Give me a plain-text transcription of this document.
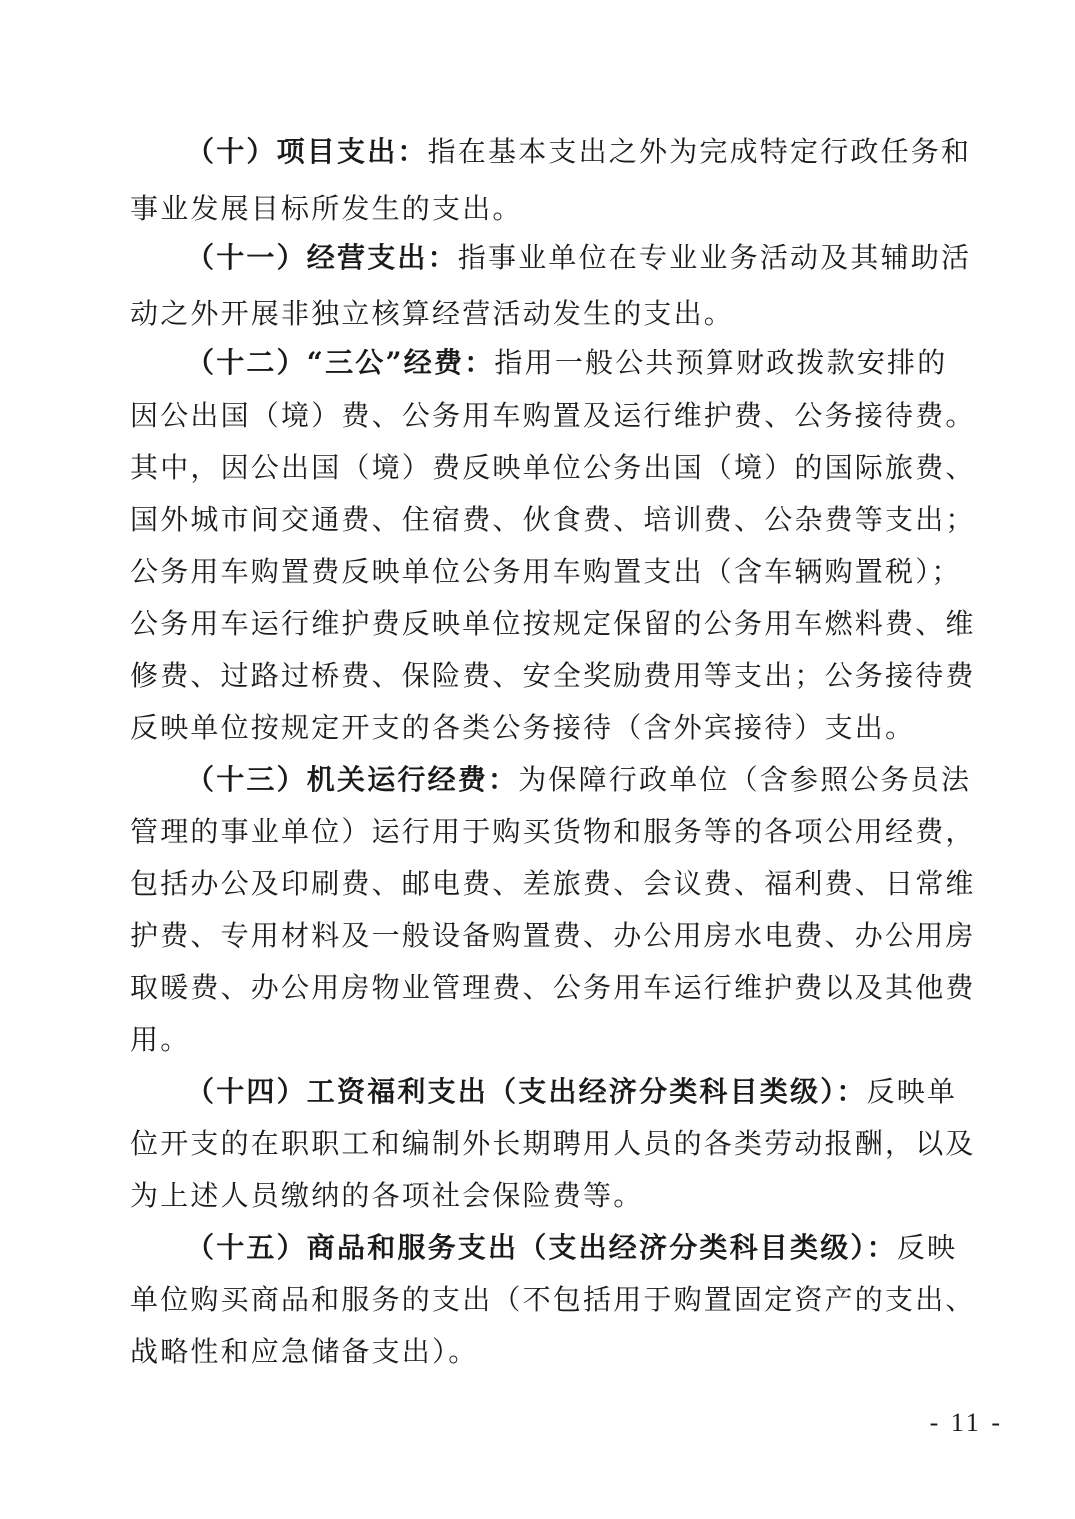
（十）项目支出：指在基本支出之外为完成特定行政任务和
事业发展目标所发生的支出。
（十一）经营支出：指事业单位在专业业务活动及其辅助活
动之外开展非独立核算经营活动发生的支出。
（十二）“三公”经费：指用一般公共预算财政拨款安排的
因公出国（境）费、公务用车购置及运行维护费、公务接待费。
其中，因公出国（境）费反映单位公务出国（境）的国际旅费、
国外城市间交通费、住宿费、伙食费、培训费、公杂费等支出；
公务用车购置费反映单位公务用车购置支出（含车辆购置税）；
公务用车运行维护费反映单位按规定保留的公务用车燃料费、维
修费、过路过桥费、保险费、安全奖励费用等支出；公务接待费
反映单位按规定开支的各类公务接待（含外宾接待）支出。
（十三）机关运行经费：为保障行政单位（含参照公务员法
管理的事业单位）运行用于购买货物和服务等的各项公用经费，
包括办公及印刷费、邮电费、差旅费、会议费、福利费、日常维
护费、专用材料及一般设备购置费、办公用房水电费、办公用房
取暖费、办公用房物业管理费、公务用车运行维护费以及其他费
用。
（十四）工资福利支出（支出经济分类科目类级）：反映单
位开支的在职职工和编制外长期聘用人员的各类劳动报酬，以及
为上述人员缴纳的各项社会保险费等。
（十五）商品和服务支出（支出经济分类科目类级）：反映
单位购买商品和服务的支出（不包括用于购置固定资产的支出、
战略性和应急储备支出）。
- 11 -
